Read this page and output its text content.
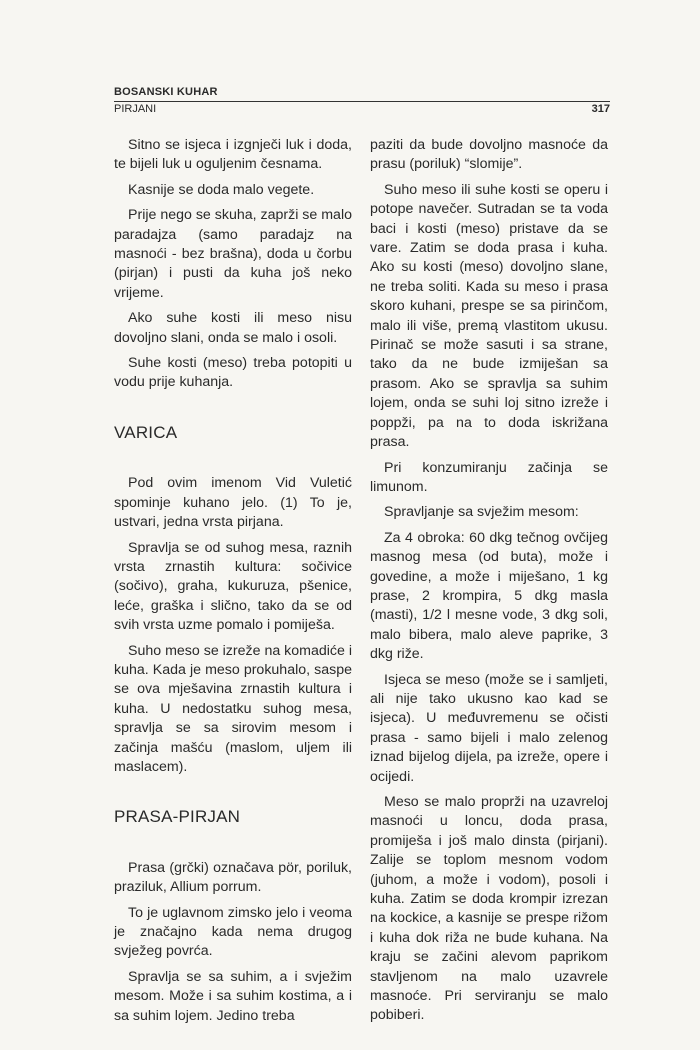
BOSANSKI KUHAR
PIRJANI	317

Sitno se isjeca i izgnječi luk i doda, te bijeli luk u oguljenim česnama.

Kasnije se doda malo vegete.

Prije nego se skuha, zaprži se malo paradajza (samo paradajz na masnoći - bez brašna), doda u čorbu (pirjan) i pusti da kuha još neko vrijeme.

Ako suhe kosti ili meso nisu dovoljno slani, onda se malo i osoli.

Suhe kosti (meso) treba potopiti u vodu prije kuhanja.

VARICA

Pod ovim imenom Vid Vuletić spominje kuhano jelo. (1) To je, ustvari, jedna vrsta pirjana.

Spravlja se od suhog mesa, raznih vrsta zrnastih kultura: sočivice (sočivo), graha, kukuruza, pšenice, leće, graška i slično, tako da se od svih vrsta uzme pomalo i pomiješa.

Suho meso se izreže na komadiće i kuha. Kada je meso prokuhalo, saspe se ova mješavina zrnastih kultura i kuha. U nedostatku suhog mesa, spravlja se sa sirovim mesom i začinja mašću (maslom, uljem ili maslacem).

PRASA-PIRJAN

Prasa (grčki) označava pör, poriluk, praziluk, Allium porrum.

To je uglavnom zimsko jelo i veoma je značajno kada nema drugog svježeg povrća.

Spravlja se sa suhim, a i svježim mesom. Može i sa suhim kostima, a i sa suhim lojem. Jedino treba

paziti da bude dovoljno masnoće da prasu (poriluk) “slomije”.

Suho meso ili suhe kosti se operu i potope navečer. Sutradan se ta voda baci i kosti (meso) pristave da se vare. Zatim se doda prasa i kuha. Ako su kosti (meso) dovoljno slane, ne treba soliti. Kada su meso i prasa skoro kuhani, prespe se sa pirinčom, malo ili više, premą vlastitom ukusu. Pirinač se može sasuti i sa strane, tako da ne bude izmiješan sa prasom. Ako se spravlja sa suhim lojem, onda se suhi loj sitno izreže i popрži, pa na to doda iskrižana prasa.

Pri konzumiranju začinja se limunom.

Spravljanje sa svježim mesom:

Za 4 obroka: 60 dkg tečnog ovčijeg masnog mesa (od buta), može i govedine, a može i miješano, 1 kg prase, 2 krompira, 5 dkg masla (masti), 1/2 l mesne vode, 3 dkg soli, malo bibera, malo aleve paprike, 3 dkg riže.

Isjeca se meso (može se i samljeti, ali nije tako ukusno kao kad se isjeca). U međuvremenu se očisti prasa - samo bijeli i malo zelenog iznad bijelog dijela, pa izreže, opere i ocijedi.

Meso se malo proprži na uzavreloj masnoći u loncu, doda prasa, promiješa i još malo dinsta (pirjani). Zalije se toplom mesnom vodom (juhom, a može i vodom), posoli i kuha. Zatim se doda krompir izrezan na kockice, a kasnije se prespe rižom i kuha dok riža ne bude kuhana. Na kraju se začini alevom paprikom stavljenom na malo uzavrele masnoće. Pri serviranju se malo pobiberi.
